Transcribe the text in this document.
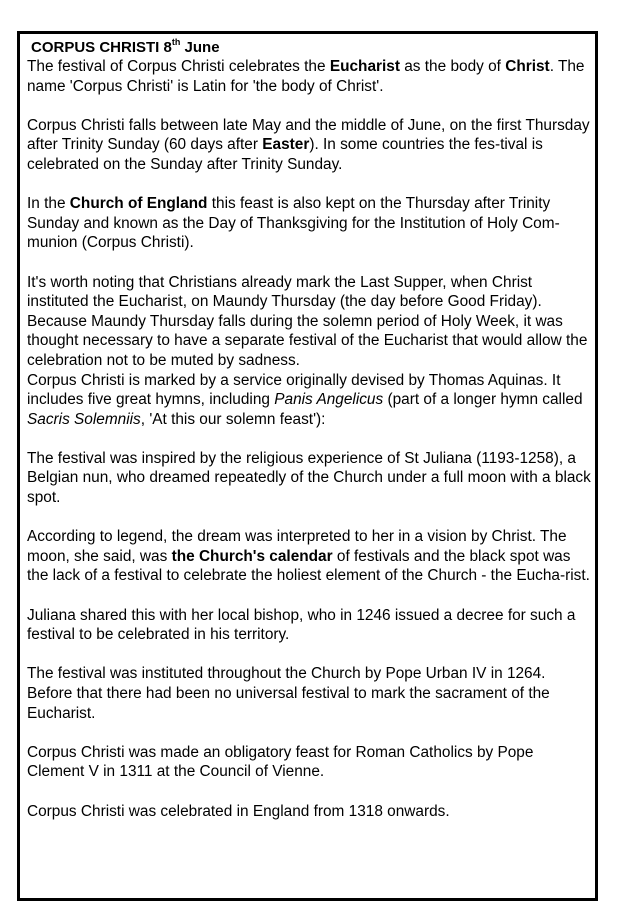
CORPUS CHRISTI 8th June

The festival of Corpus Christi celebrates the Eucharist as the body of Christ. The name 'Corpus Christi' is Latin for 'the body of Christ'.

Corpus Christi falls between late May and the middle of June, on the first Thursday after Trinity Sunday (60 days after Easter). In some countries the fes-tival is celebrated on the Sunday after Trinity Sunday.

In the Church of England this feast is also kept on the Thursday after Trinity Sunday and known as the Day of Thanksgiving for the Institution of Holy Com-munion (Corpus Christi).

It's worth noting that Christians already mark the Last Supper, when Christ instituted the Eucharist, on Maundy Thursday (the day before Good Friday). Because Maundy Thursday falls during the solemn period of Holy Week, it was thought necessary to have a separate festival of the Eucharist that would allow the celebration not to be muted by sadness.

Corpus Christi is marked by a service originally devised by Thomas Aquinas. It includes five great hymns, including Panis Angelicus (part of a longer hymn called Sacris Solemniis, 'At this our solemn feast'):

The festival was inspired by the religious experience of St Juliana (1193-1258), a Belgian nun, who dreamed repeatedly of the Church under a full moon with a black spot.

According to legend, the dream was interpreted to her in a vision by Christ. The moon, she said, was the Church's calendar of festivals and the black spot was the lack of a festival to celebrate the holiest element of the Church - the Eucha-rist.

Juliana shared this with her local bishop, who in 1246 issued a decree for such a festival to be celebrated in his territory.

The festival was instituted throughout the Church by Pope Urban IV in 1264. Before that there had been no universal festival to mark the sacrament of the Eucharist.

Corpus Christi was made an obligatory feast for Roman Catholics by Pope Clement V in 1311 at the Council of Vienne.

Corpus Christi was celebrated in England from 1318 onwards.
